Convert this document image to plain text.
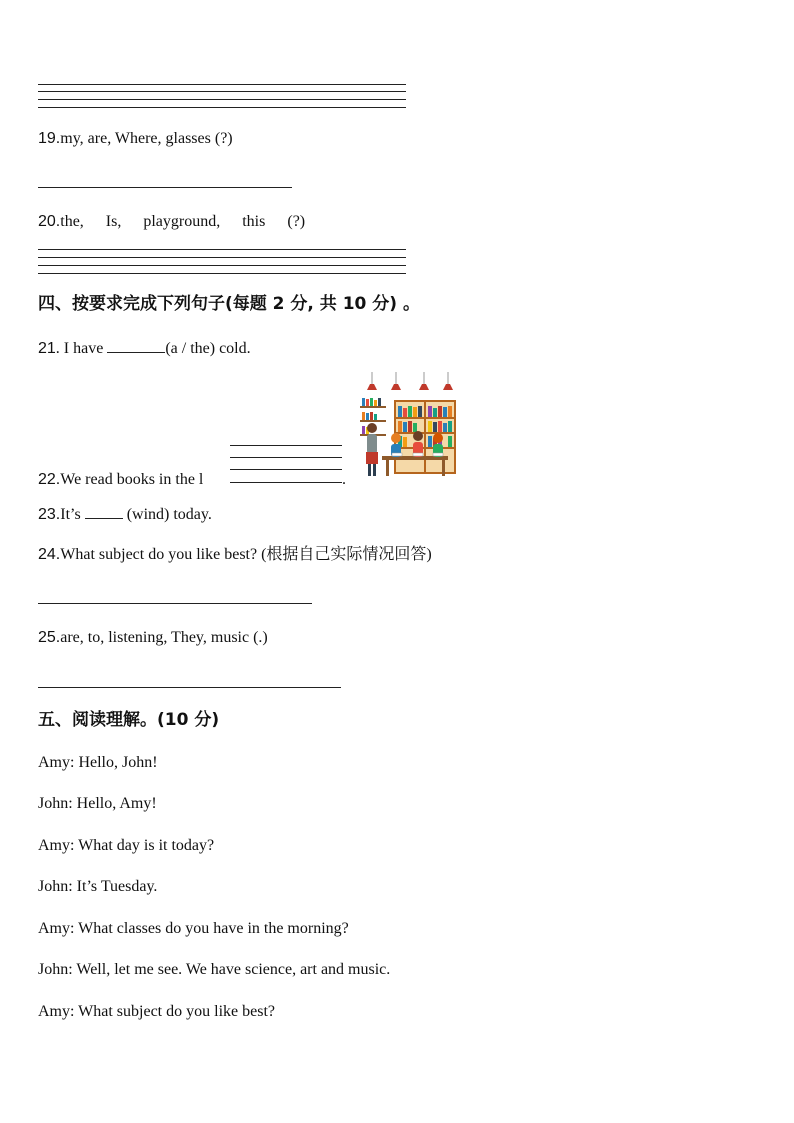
19.my, are, Where, glasses (?)
20.the, Is, playground, this (?)
四、按要求完成下列句子(每题 2 分, 共 10 分) 。
21. I have	(a / the) cold.
22.We read books in the l	.
23.It’s  (wind) today.
24.What subject do you like best? (根据自己实际情况回答)
25.are, to, listening, They, music (.)
五、阅读理解。(10 分)
Amy: Hello, John!
John: Hello, Amy!
Amy: What day is it today?
John: It’s Tuesday.
Amy: What classes do you have in the morning?
John: Well, let me see. We have science, art and music.
Amy: What subject do you like best?
